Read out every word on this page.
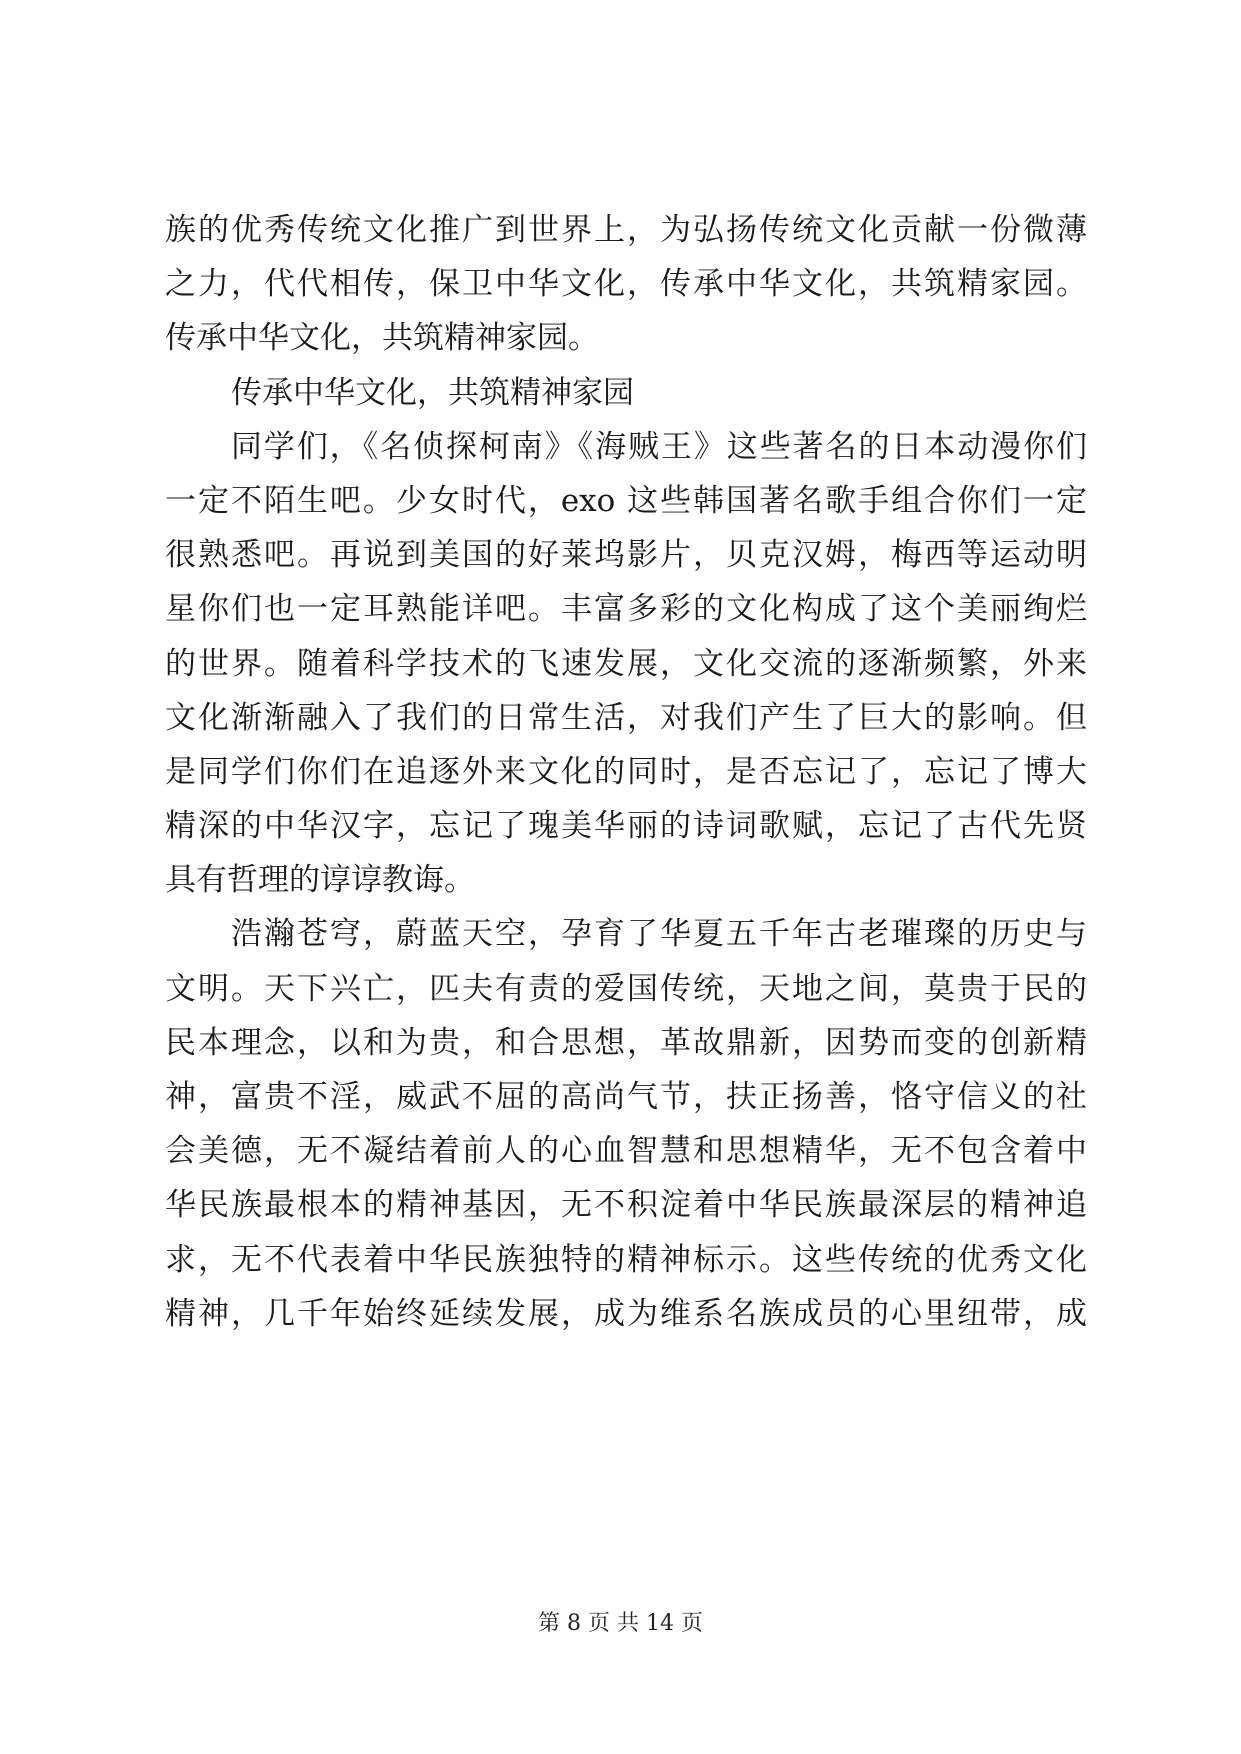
族的优秀传统文化推广到世界上，为弘扬传统文化贡献一份微薄
之力，代代相传，保卫中华文化，传承中华文化，共筑精家园。
传承中华文化，共筑精神家园。
传承中华文化，共筑精神家园
同学们，《名侦探柯南》《海贼王》这些著名的日本动漫你们
一定不陌生吧。少女时代，exo 这些韩国著名歌手组合你们一定
很熟悉吧。再说到美国的好莱坞影片，贝克汉姆，梅西等运动明
星你们也一定耳熟能详吧。丰富多彩的文化构成了这个美丽绚烂
的世界。随着科学技术的飞速发展，文化交流的逐渐频繁，外来
文化渐渐融入了我们的日常生活，对我们产生了巨大的影响。但
是同学们你们在追逐外来文化的同时，是否忘记了，忘记了博大
精深的中华汉字，忘记了瑰美华丽的诗词歌赋，忘记了古代先贤
具有哲理的谆谆教诲。
浩瀚苍穹，蔚蓝天空，孕育了华夏五千年古老璀璨的历史与
文明。天下兴亡，匹夫有责的爱国传统，天地之间，莫贵于民的
民本理念，以和为贵，和合思想，革故鼎新，因势而变的创新精
神，富贵不淫，威武不屈的高尚气节，扶正扬善，恪守信义的社
会美德，无不凝结着前人的心血智慧和思想精华，无不包含着中
华民族最根本的精神基因，无不积淀着中华民族最深层的精神追
求，无不代表着中华民族独特的精神标示。这些传统的优秀文化
精神，几千年始终延续发展，成为维系名族成员的心里纽带，成
第 8 页 共 14 页
